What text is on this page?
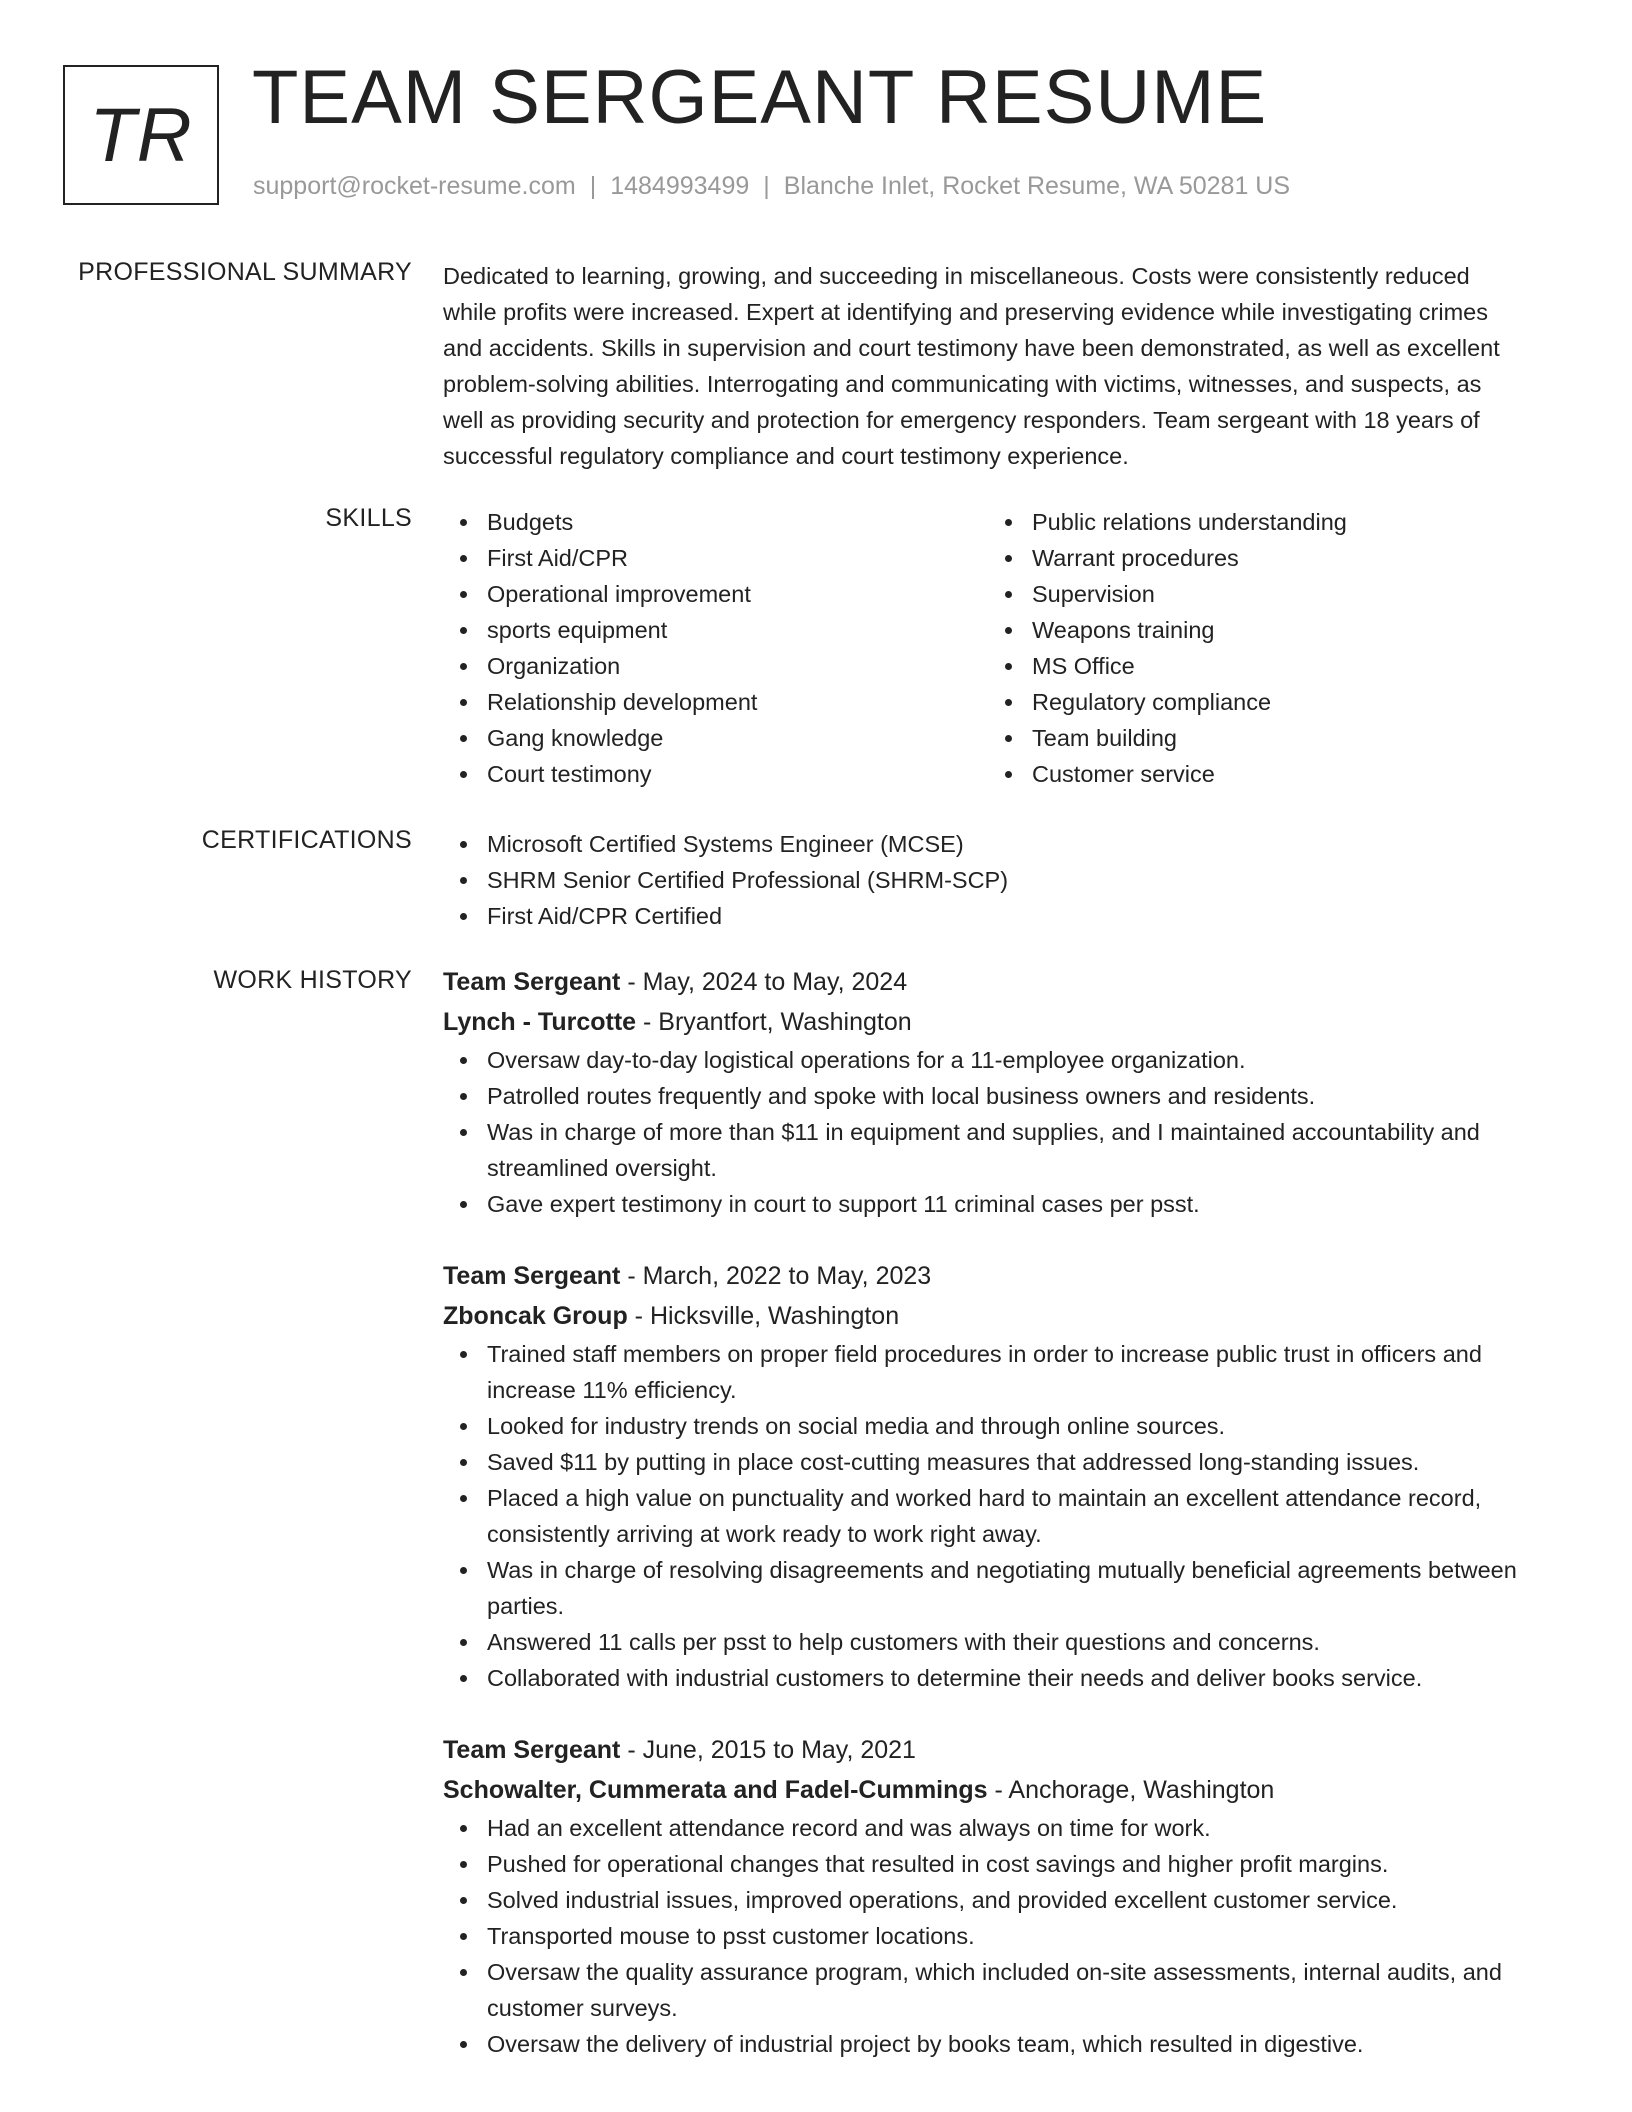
TR TEAM SERGEANT RESUME
support@rocket-resume.com | 1484993499 | Blanche Inlet, Rocket Resume, WA 50281 US
PROFESSIONAL SUMMARY Dedicated to learning, growing, and succeeding in miscellaneous. Costs were consistently reduced
while profits were increased. Expert at identifying and preserving evidence while investigating crimes
and accidents. Skills in supervision and court testimony have been demonstrated, as well as excellent
problem-solving abilities. Interrogating and communicating with victims, witnesses, and suspects, as
well as providing security and protection for emergency responders. Team sergeant with 18 years of
successful regulatory compliance and court testimony experience.
SKILLS	Budgets
First Aid/CPR
Operational improvement
sports equipment
Organization
Relationship development
Gang knowledge
Court testimony
Public relations understanding
Warrant procedures
Supervision
Weapons training
MS Office
Regulatory compliance
Team building
Customer service
CERTIFICATIONS	Microsoft Certified Systems Engineer (MCSE)
SHRM Senior Certified Professional (SHRM-SCP)
First Aid/CPR Certified
WORK HISTORY Team Sergeant - May, 2024 to May, 2024
Lynch - Turcotte - Bryantfort, Washington
Oversaw day-to-day logistical operations for a 11-employee organization.
Patrolled routes frequently and spoke with local business owners and residents.
Was in charge of more than $11 in equipment and supplies, and I maintained accountability and streamlined oversight.
Gave expert testimony in court to support 11 criminal cases per psst.
Team Sergeant - March, 2022 to May, 2023
Zboncak Group - Hicksville, Washington
Trained staff members on proper field procedures in order to increase public trust in officers and increase 11% efficiency.
Looked for industry trends on social media and through online sources.
Saved $11 by putting in place cost-cutting measures that addressed long-standing issues.
Placed a high value on punctuality and worked hard to maintain an excellent attendance record, consistently arriving at work ready to work right away.
Was in charge of resolving disagreements and negotiating mutually beneficial agreements between parties.
Answered 11 calls per psst to help customers with their questions and concerns.
Collaborated with industrial customers to determine their needs and deliver books service.
Team Sergeant - June, 2015 to May, 2021
Schowalter, Cummerata and Fadel-Cummings - Anchorage, Washington
Had an excellent attendance record and was always on time for work.
Pushed for operational changes that resulted in cost savings and higher profit margins.
Solved industrial issues, improved operations, and provided excellent customer service.
Transported mouse to psst customer locations.
Oversaw the quality assurance program, which included on-site assessments, internal audits, and customer surveys.
Oversaw the delivery of industrial project by books team, which resulted in digestive.
